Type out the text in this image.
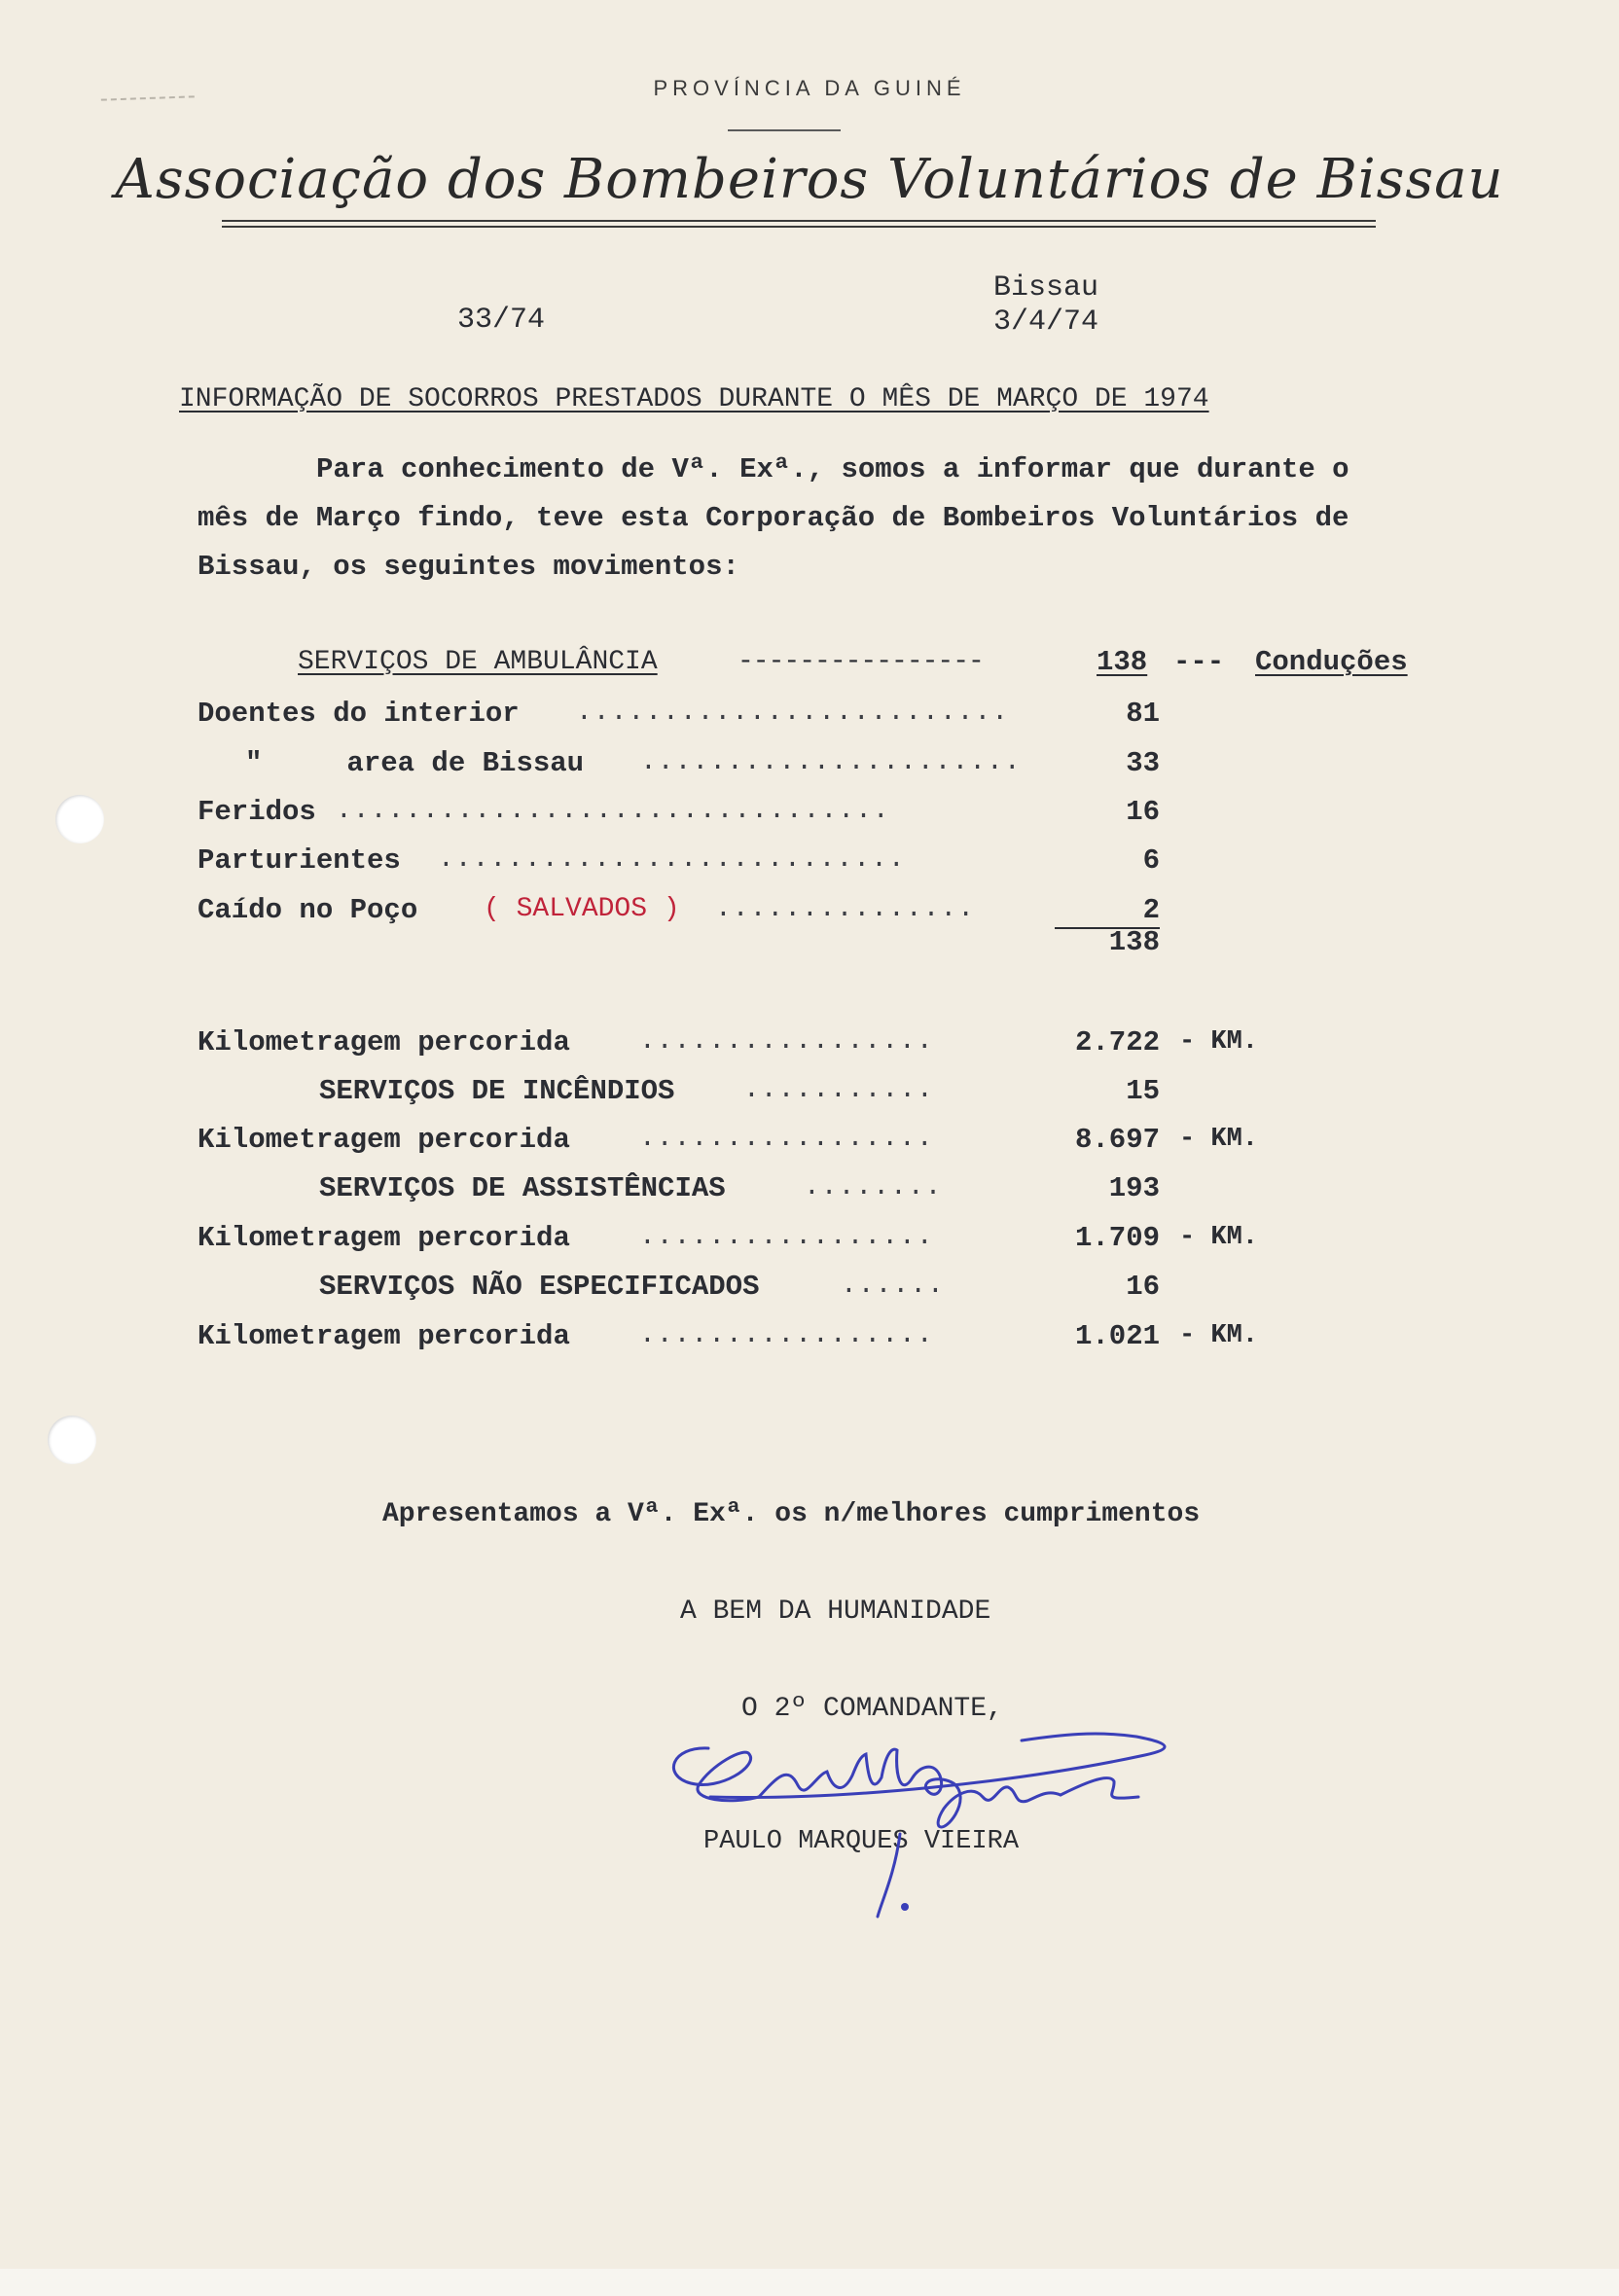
PROVÍNCIA DA GUINÉ
Associação dos Bombeiros Voluntários de Bissau
33/74
Bissau
3/4/74
INFORMAÇÃO DE SOCORROS PRESTADOS DURANTE O MÊS DE MARÇO DE 1974
Para conhecimento de Vª. Exª., somos a informar que durante o
mês de Março findo, teve esta Corporação de Bombeiros Voluntários de
Bissau, os seguintes movimentos:
SERVIÇOS DE AMBULÂNCIA	----------------	138 --- Conduções
Doentes do interior .........................	81
"     area de Bissau ......................	33
Feridos ................................	16
Parturientes ...........................	6
Caído no Poço ( SALVADOS ) ...............	2
138
Kilometragem percorida	.................	2.722 - KM.
SERVIÇOS DE INCÊNDIOS	...........	15
Kilometragem percorida	.................	8.697 - KM.
SERVIÇOS DE ASSISTÊNCIAS	........	193
Kilometragem percorida	.................	1.709 - KM.
SERVIÇOS NÃO ESPECIFICADOS	......	16
Kilometragem percorida	.................	1.021 - KM.
Apresentamos a Vª. Exª. os n/melhores cumprimentos
A BEM DA HUMANIDADE
O 2º COMANDANTE,
PAULO MARQUES VIEIRA
